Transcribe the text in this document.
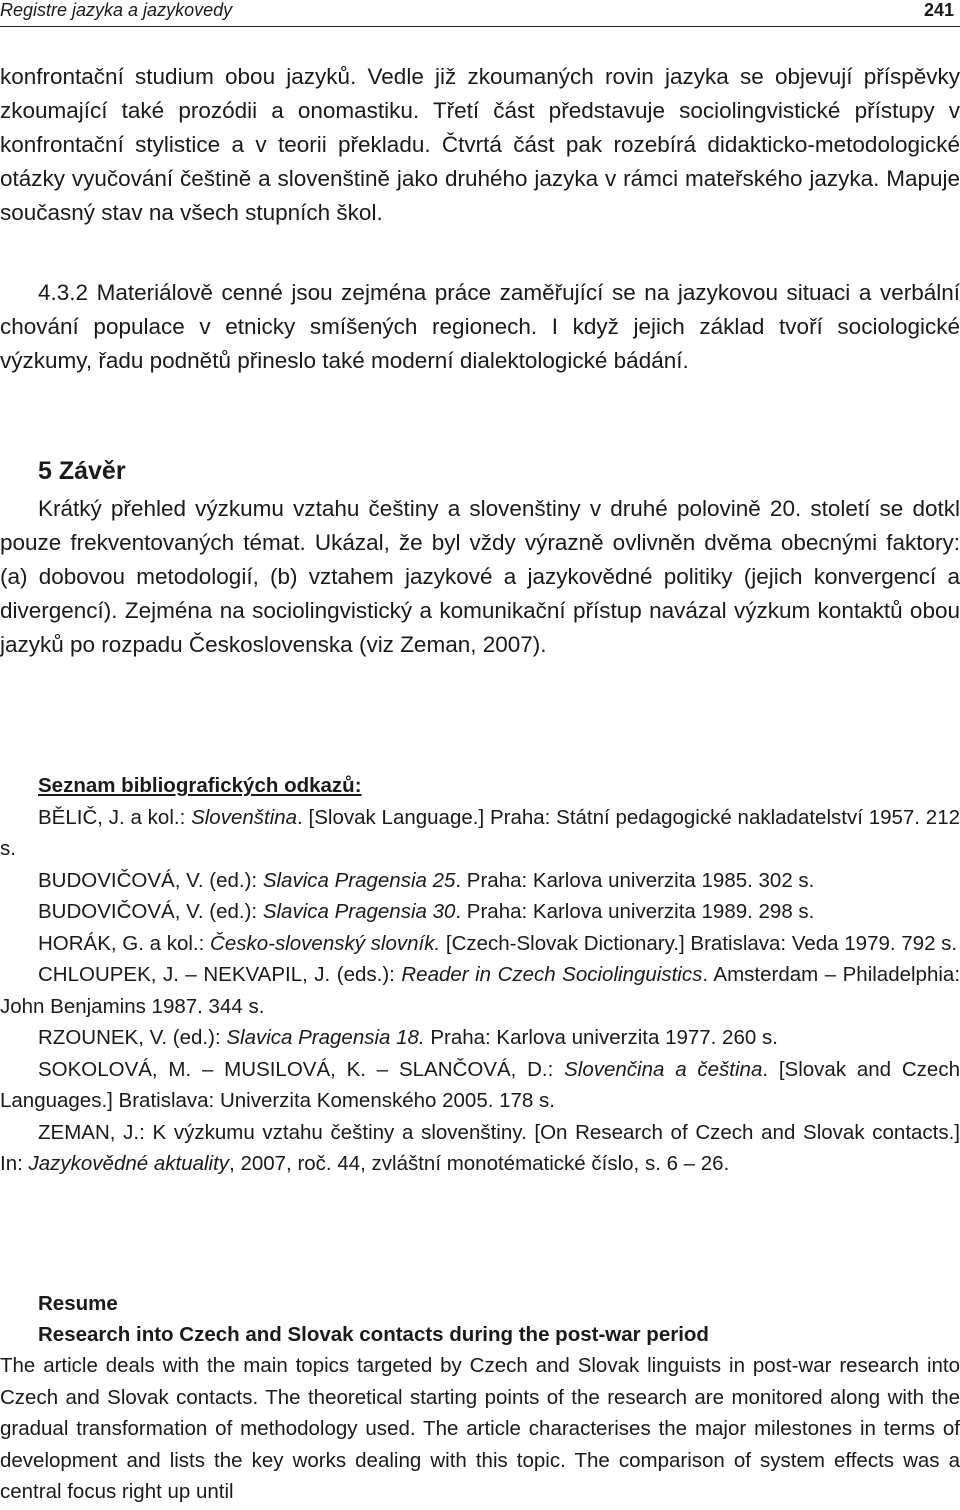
Registre jazyka a jazykovedy	241

konfrontační studium obou jazyků. Vedle již zkoumaných rovin jazyka se objevují příspěvky zkoumající také prozódii a onomastiku. Třetí část představuje sociolingvistické přístupy v konfrontační stylistice a v teorii překladu. Čtvrtá část pak rozebírá didakticko-metodologické otázky vyučování češtině a slovenštině jako druhého jazyka v rámci mateřského jazyka. Mapuje současný stav na všech stupních škol.

4.3.2 Materiálově cenné jsou zejména práce zaměřující se na jazykovou situaci a verbální chování populace v etnicky smíšených regionech. I když jejich základ tvoří sociologické výzkumy, řadu podnětů přineslo také moderní dialektologické bádání.

5 Závěr

Krátký přehled výzkumu vztahu češtiny a slovenštiny v druhé polovině 20. století se dotkl pouze frekventovaných témat. Ukázal, že byl vždy výrazně ovlivněn dvěma obecnými faktory: (a) dobovou metodologií, (b) vztahem jazykové a jazykovědné politiky (jejich konvergencí a divergencí). Zejména na sociolingvistický a komunikační přístup navázal výzkum kontaktů obou jazyků po rozpadu Československa (viz Zeman, 2007).

Seznam bibliografických odkazů:

BĚLIČ, J. a kol.: Slovenština. [Slovak Language.] Praha: Státní pedagogické nakladatelství 1957. 212 s.

BUDOVIČOVÁ, V. (ed.): Slavica Pragensia 25. Praha: Karlova univerzita 1985. 302 s.

BUDOVIČOVÁ, V. (ed.): Slavica Pragensia 30. Praha: Karlova univerzita 1989. 298 s.

HORÁK, G. a kol.: Česko-slovenský slovník. [Czech-Slovak Dictionary.] Bratislava: Veda 1979. 792 s.

CHLOUPEK, J. – NEKVAPIL, J. (eds.): Reader in Czech Sociolinguistics. Amsterdam – Philadelphia: John Benjamins 1987. 344 s.

RZOUNEK, V. (ed.): Slavica Pragensia 18. Praha: Karlova univerzita 1977. 260 s.

SOKOLOVÁ, M. – MUSILOVÁ, K. – SLANČOVÁ, D.: Slovenčina a čeština. [Slovak and Czech Languages.] Bratislava: Univerzita Komenského 2005. 178 s.

ZEMAN, J.: K výzkumu vztahu češtiny a slovenštiny. [On Research of Czech and Slovak contacts.] In: Jazykovědné aktuality, 2007, roč. 44, zvláštní monotématické číslo, s. 6 – 26.

Resume

Research into Czech and Slovak contacts during the post-war period

The article deals with the main topics targeted by Czech and Slovak linguists in post-war research into Czech and Slovak contacts. The theoretical starting points of the research are monitored along with the gradual transformation of methodology used. The article characterises the major milestones in terms of development and lists the key works dealing with this topic. The comparison of system effects was a central focus right up until
